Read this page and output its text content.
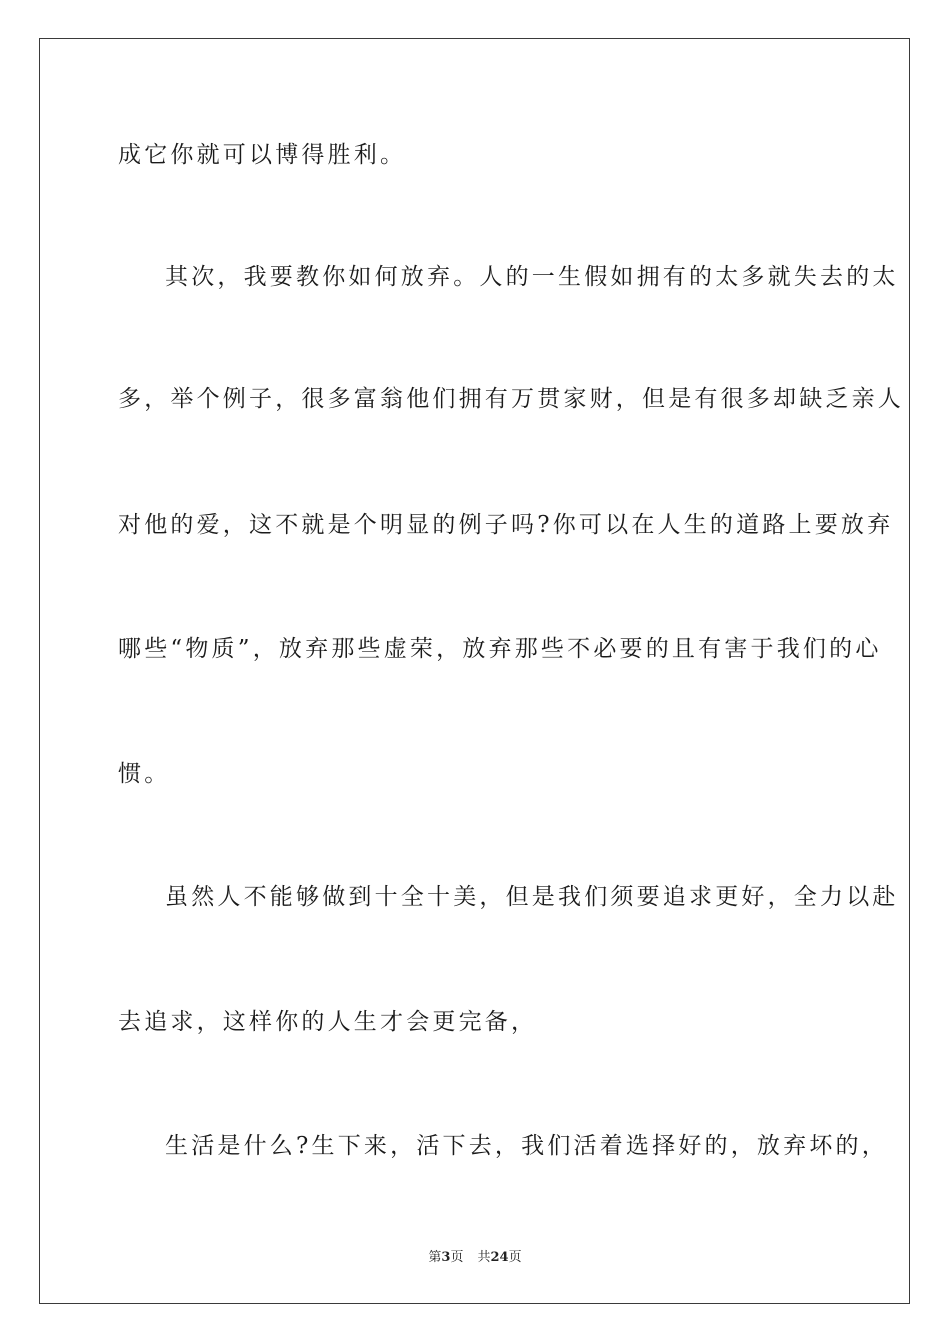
成它你就可以博得胜利。
其次，我要教你如何放弃。人的一生假如拥有的太多就失去的太
多，举个例子，很多富翁他们拥有万贯家财，但是有很多却缺乏亲人
对他的爱，这不就是个明显的例子吗?你可以在人生的道路上要放弃
哪些“物质”，放弃那些虚荣，放弃那些不必要的且有害于我们的心
惯。
虽然人不能够做到十全十美，但是我们须要追求更好，全力以赴
去追求，这样你的人生才会更完备，
生活是什么?生下来，活下去，我们活着选择好的，放弃坏的，
第3页 共24页
